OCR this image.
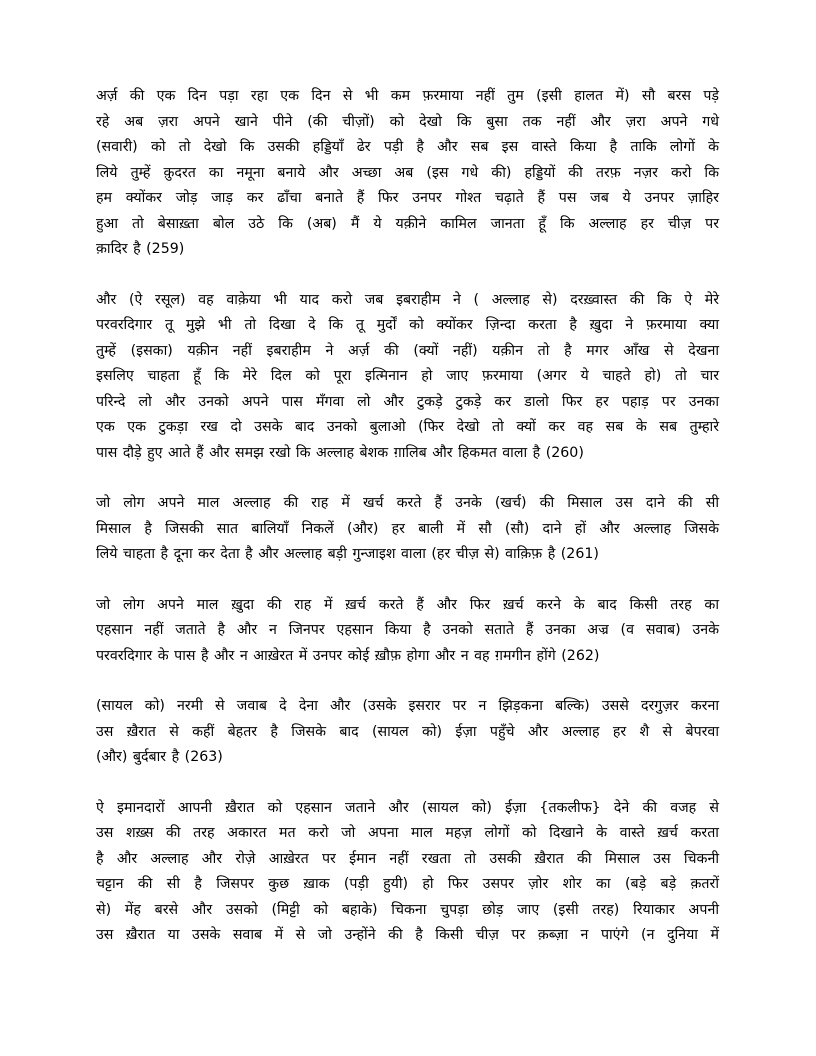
अर्ज़ की एक दिन पड़ा रहा एक दिन से भी कम फ़रमाया नहीं तुम (इसी हालत में) सौ बरस पड़े
रहे अब ज़रा अपने खाने पीने (की चीज़ों) को देखो कि बुसा तक नहीं और ज़रा अपने गधे
(सवारी) को तो देखो कि उसकी हड्डियाँ ढेर पड़ी है और सब इस वास्ते किया है ताकि लोगों के
लिये तुम्हें क़ुदरत का नमूना बनाये और अच्छा अब (इस गधे की) हड्डियों की तरफ़ नज़र करो कि
हम क्योंकर जोड़ जाड़ कर ढाँचा बनाते हैं फिर उनपर गोश्त चढ़ाते हैं पस जब ये उनपर ज़ाहिर
हुआ तो बेसाख़्ता बोल उठे कि (अब) मैं ये यक़ीने कामिल जानता हूँ कि अल्लाह हर चीज़ पर
क़ादिर है (259)
और (ऐ रसूल) वह वाक़ेया भी याद करो जब इबराहीम ने ( अल्लाह से) दरख़्वास्त की कि ऐ मेरे
परवरदिगार तू मुझे भी तो दिखा दे कि तू मुर्दों को क्योंकर ज़िन्दा करता है ख़ुदा ने फ़रमाया क्या
तुम्हें (इसका) यक़ीन नहीं इबराहीम ने अर्ज़ की (क्यों नहीं) यक़ीन तो है मगर आँख से देखना
इसलिए चाहता हूँ कि मेरे दिल को पूरा इत्मिनान हो जाए फ़रमाया (अगर ये चाहते हो) तो चार
परिन्दे लो और उनको अपने पास मँगवा लो और टुकड़े टुकड़े कर डालो फिर हर पहाड़ पर उनका
एक एक टुकड़ा रख दो उसके बाद उनको बुलाओ (फिर देखो तो क्यों कर वह सब के सब तुम्हारे
पास दौड़े हुए आते हैं और समझ रखो कि अल्लाह बेशक ग़ालिब और हिकमत वाला है (260)
जो लोग अपने माल अल्लाह की राह में खर्च करते हैं उनके (खर्च) की मिसाल उस दाने की सी
मिसाल है जिसकी सात बालियाँ निकलें (और) हर बाली में सौ (सौ) दाने हों और अल्लाह जिसके
लिये चाहता है दूना कर देता है और अल्लाह बड़ी गुन्जाइश वाला (हर चीज़ से) वाक़िफ़ है (261)
जो लोग अपने माल ख़ुदा की राह में ख़र्च करते हैं और फिर ख़र्च करने के बाद किसी तरह का
एहसान नहीं जताते है और न जिनपर एहसान किया है उनको सताते हैं उनका अज्र (व सवाब) उनके
परवरदिगार के पास है और न आख़ेरत में उनपर कोई ख़ौफ़ होगा और न वह ग़मगीन होंगे (262)
(सायल को) नरमी से जवाब दे देना और (उसके इसरार पर न झिड़कना बल्कि) उससे दरगुज़र करना
उस ख़ैरात से कहीं बेहतर है जिसके बाद (सायल को) ईज़ा पहुँचे और अल्लाह हर शै से बेपरवा
(और) बुर्दबार है (263)
ऐ इमानदारों आपनी ख़ैरात को एहसान जताने और (सायल को) ईज़ा {तकलीफ} देने की वजह से
उस शख़्स की तरह अकारत मत करो जो अपना माल महज़ लोगों को दिखाने के वास्ते ख़र्च करता
है और अल्लाह और रोज़े आख़ेरत पर ईमान नहीं रखता तो उसकी ख़ैरात की मिसाल उस चिकनी
चट्टान की सी है जिसपर कुछ ख़ाक (पड़ी हुयी) हो फिर उसपर ज़ोर शोर का (बड़े बड़े क़तरों
से) मेंह बरसे और उसको (मिट्टी को बहाके) चिकना चुपड़ा छोड़ जाए (इसी तरह) रियाकार अपनी
उस ख़ैरात या उसके सवाब में से जो उन्होंने की है किसी चीज़ पर क़ब्ज़ा न पाएंगे (न दुनिया में
